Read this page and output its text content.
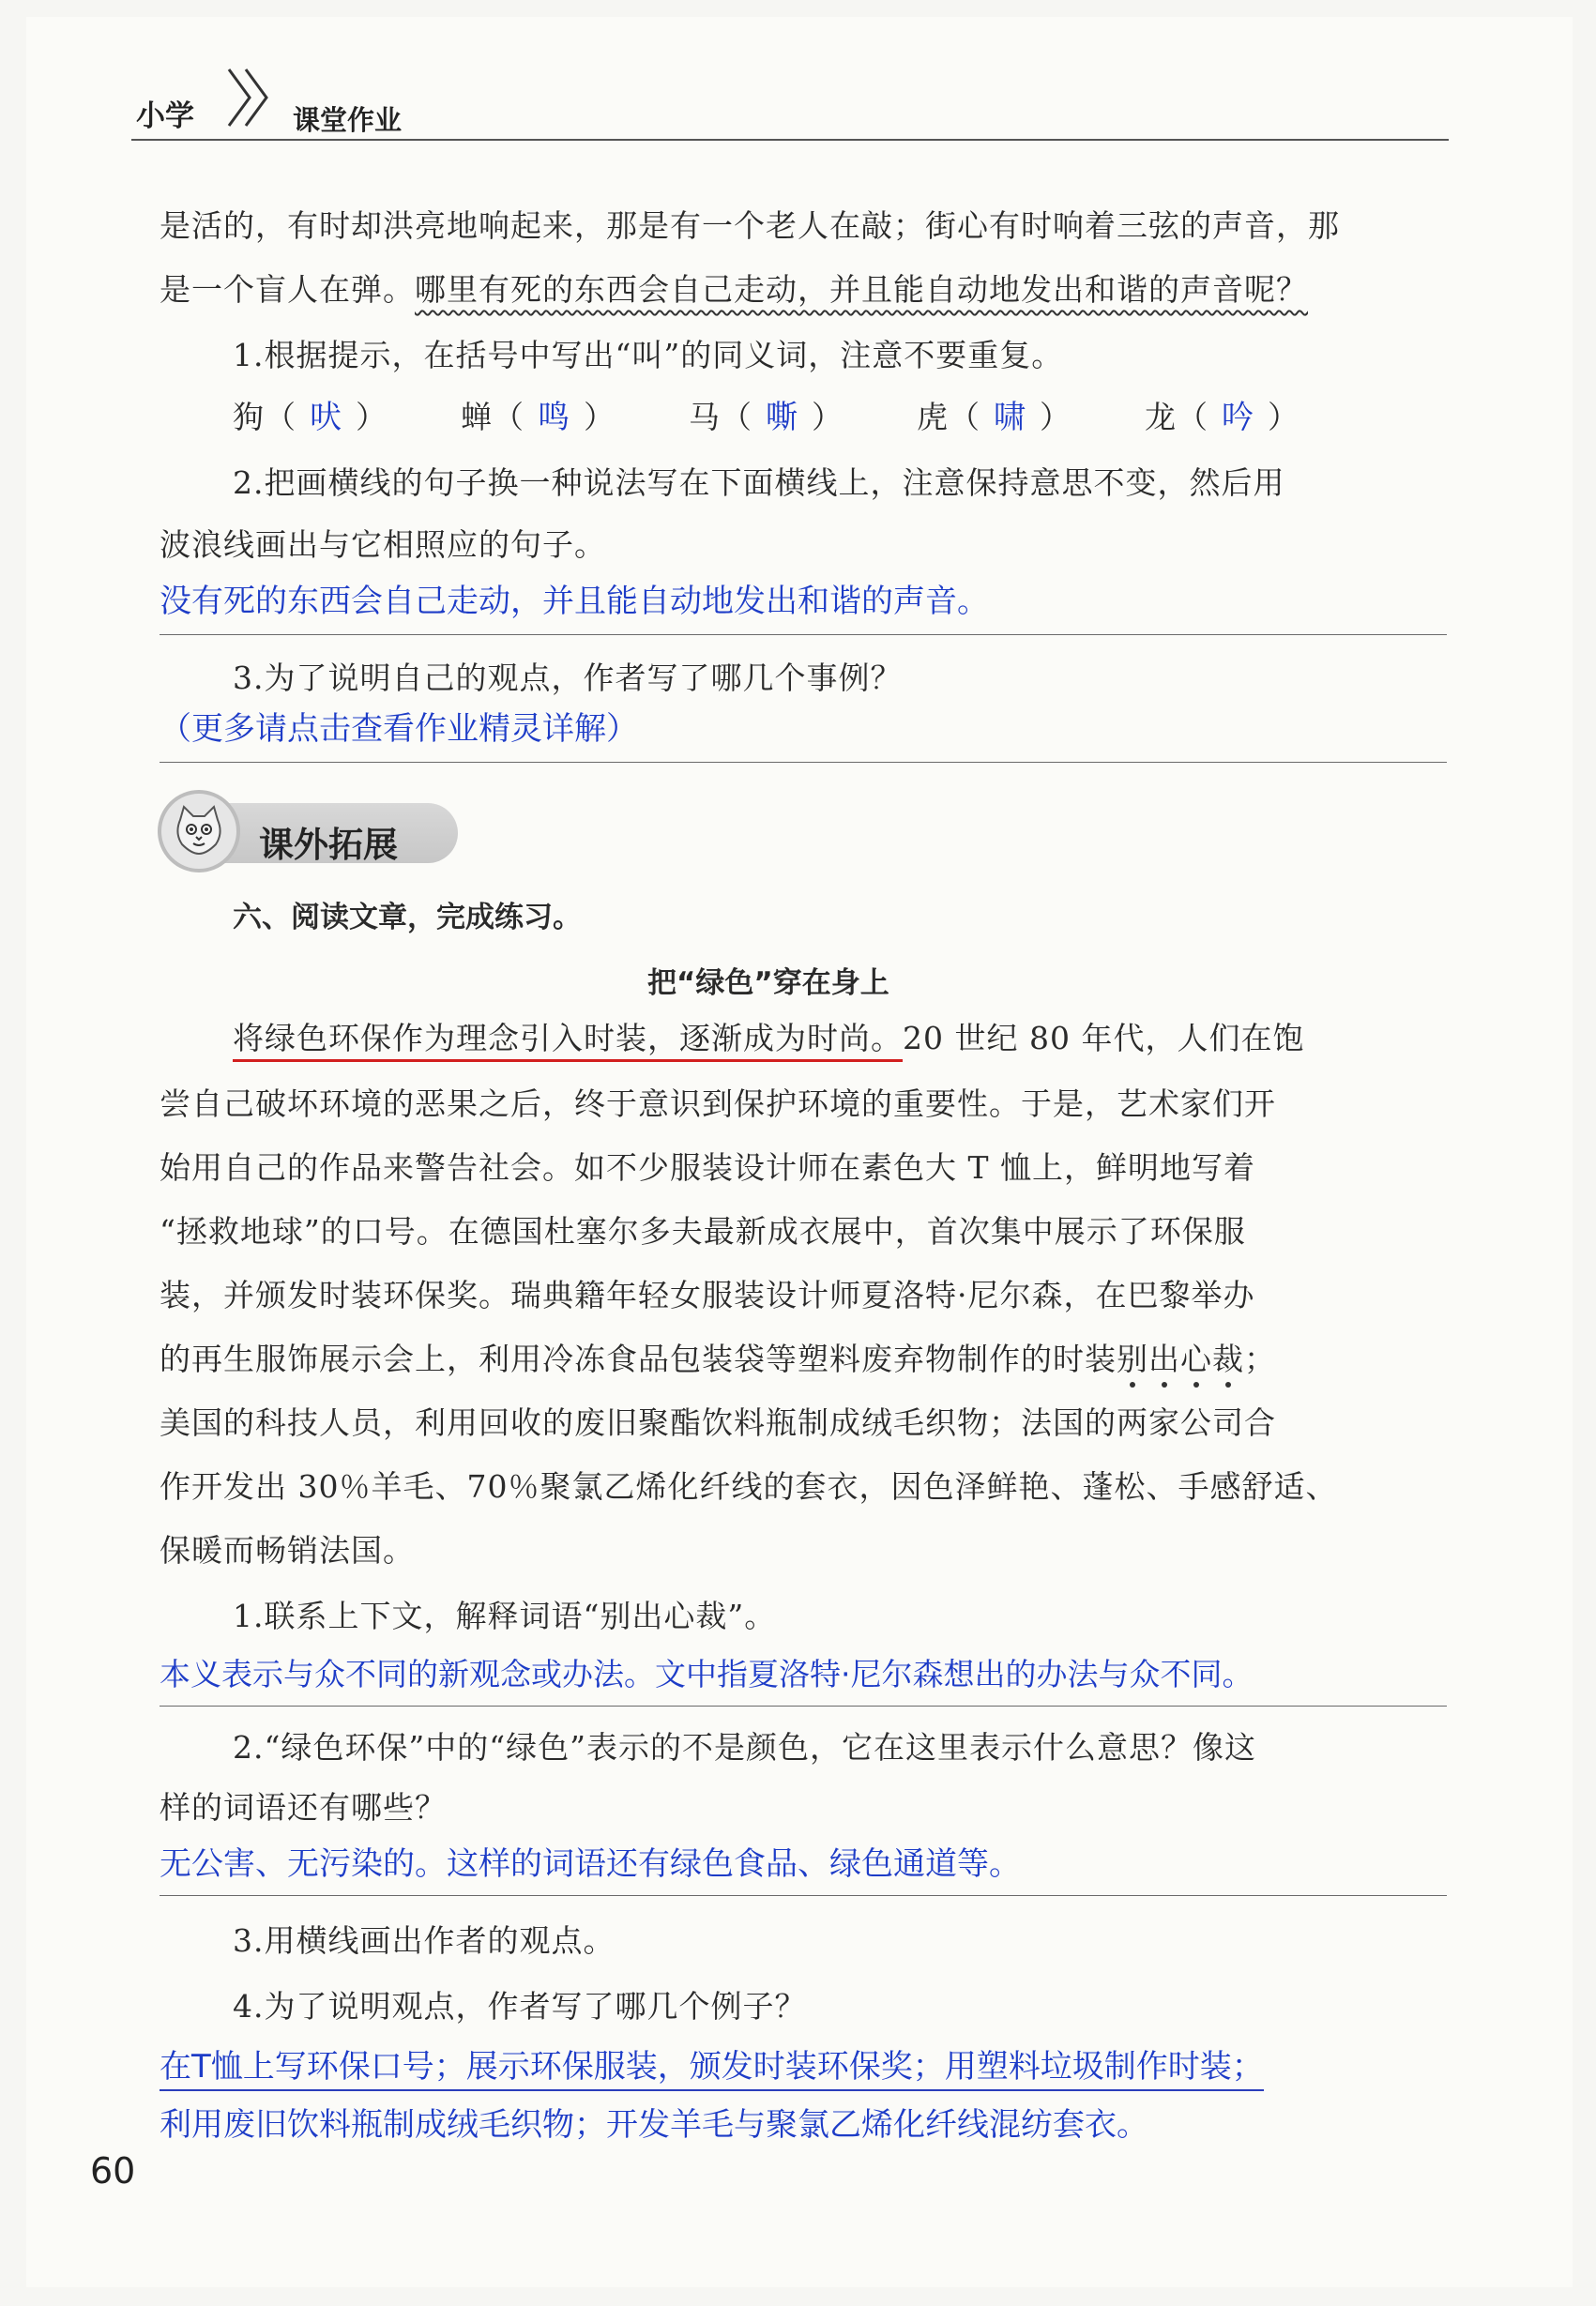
小学	课堂作业
是活的，有时却洪亮地响起来，那是有一个老人在敲；街心有时响着三弦的声音，那
是一个盲人在弹。哪里有死的东西会自己走动，并且能自动地发出和谐的声音呢？
1.根据提示，在括号中写出“叫”的同义词，注意不要重复。
狗（ 吠 ） 蝉（ 鸣 ） 马（ 嘶 ） 虎（ 啸 ） 龙（ 吟 ）
2.把画横线的句子换一种说法写在下面横线上，注意保持意思不变，然后用
波浪线画出与它相照应的句子。
没有死的东西会自己走动，并且能自动地发出和谐的声音。
3.为了说明自己的观点，作者写了哪几个事例？
（更多请点击查看作业精灵详解）
课外拓展
六、阅读文章，完成练习。
把“绿色”穿在身上
将绿色环保作为理念引入时装，逐渐成为时尚。20 世纪 80 年代，人们在饱
尝自己破坏环境的恶果之后，终于意识到保护环境的重要性。于是，艺术家们开
始用自己的作品来警告社会。如不少服装设计师在素色大 T 恤上，鲜明地写着
“拯救地球”的口号。在德国杜塞尔多夫最新成衣展中，首次集中展示了环保服
装，并颁发时装环保奖。瑞典籍年轻女服装设计师夏洛特·尼尔森，在巴黎举办
的再生服饰展示会上，利用冷冻食品包装袋等塑料废弃物制作的时装别出心裁；
美国的科技人员，利用回收的废旧聚酯饮料瓶制成绒毛织物；法国的两家公司合
作开发出 30％羊毛、70％聚氯乙烯化纤线的套衣，因色泽鲜艳、蓬松、手感舒适、
保暖而畅销法国。
1.联系上下文，解释词语“别出心裁”。
本义表示与众不同的新观念或办法。文中指夏洛特·尼尔森想出的办法与众不同。
2.“绿色环保”中的“绿色”表示的不是颜色，它在这里表示什么意思？像这
样的词语还有哪些？
无公害、无污染的。这样的词语还有绿色食品、绿色通道等。
3.用横线画出作者的观点。
4.为了说明观点，作者写了哪几个例子？
在T恤上写环保口号；展示环保服装，颁发时装环保奖；用塑料垃圾制作时装；
利用废旧饮料瓶制成绒毛织物；开发羊毛与聚氯乙烯化纤线混纺套衣。
60
